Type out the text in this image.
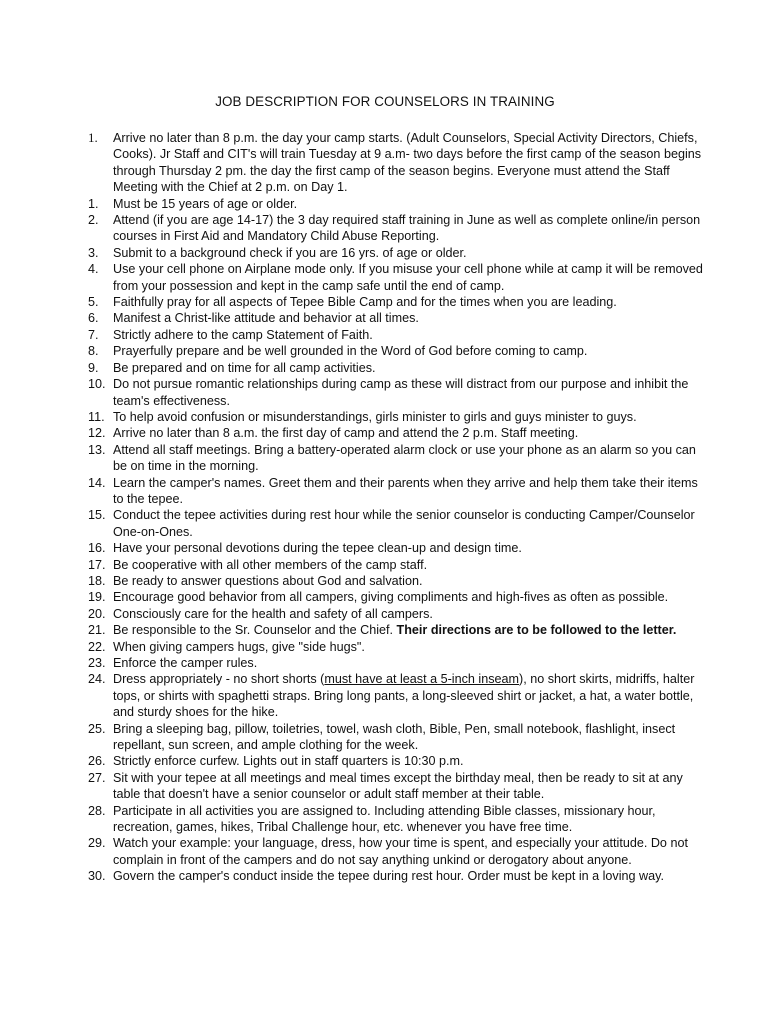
JOB DESCRIPTION FOR COUNSELORS IN TRAINING
1.	Arrive no later than 8 p.m. the day your camp starts. (Adult Counselors, Special Activity Directors, Chiefs, Cooks). Jr Staff and CIT's will train Tuesday at 9 a.m- two days before the first camp of the season begins through Thursday 2 pm. the day the first camp of the season begins. Everyone must attend the Staff Meeting with the Chief at 2 p.m. on Day 1.
1.	Must be 15 years of age or older.
2.	Attend (if you are age 14-17) the 3 day required staff training in June as well as complete online/in person courses in First Aid and Mandatory Child Abuse Reporting.
3.	Submit to a background check if you are 16 yrs. of age or older.
4.	Use your cell phone on Airplane mode only. If you misuse your cell phone while at camp it will be removed from your possession and kept in the camp safe until the end of camp.
5.	Faithfully pray for all aspects of Tepee Bible Camp and for the times when you are leading.
6.	Manifest a Christ-like attitude and behavior at all times.
7.	Strictly adhere to the camp Statement of Faith.
8.	Prayerfully prepare and be well grounded in the Word of God before coming to camp.
9.	Be prepared and on time for all camp activities.
10. Do not pursue romantic relationships during camp as these will distract from our purpose and inhibit the team's effectiveness.
11. To help avoid confusion or misunderstandings, girls minister to girls and guys minister to guys.
12. Arrive no later than 8 a.m. the first day of camp and attend the 2 p.m. Staff meeting.
13. Attend all staff meetings. Bring a battery-operated alarm clock or use your phone as an alarm so you can be on time in the morning.
14. Learn the camper's names. Greet them and their parents when they arrive and help them take their items to the tepee.
15. Conduct the tepee activities during rest hour while the senior counselor is conducting Camper/Counselor One-on-Ones.
16. Have your personal devotions during the tepee clean-up and design time.
17. Be cooperative with all other members of the camp staff.
18. Be ready to answer questions about God and salvation.
19. Encourage good behavior from all campers, giving compliments and high-fives as often as possible.
20. Consciously care for the health and safety of all campers.
21. Be responsible to the Sr. Counselor and the Chief. Their directions are to be followed to the letter.
22. When giving campers hugs, give "side hugs".
23. Enforce the camper rules.
24. Dress appropriately - no short shorts (must have at least a 5-inch inseam), no short skirts, midriffs, halter tops, or shirts with spaghetti straps. Bring long pants, a long-sleeved shirt or jacket, a hat, a water bottle, and sturdy shoes for the hike.
25. Bring a sleeping bag, pillow, toiletries, towel, wash cloth, Bible, Pen, small notebook, flashlight, insect repellant, sun screen, and ample clothing for the week.
26. Strictly enforce curfew. Lights out in staff quarters is 10:30 p.m.
27. Sit with your tepee at all meetings and meal times except the birthday meal, then be ready to sit at any table that doesn't have a senior counselor or adult staff member at their table.
28. Participate in all activities you are assigned to. Including attending Bible classes, missionary hour, recreation, games, hikes, Tribal Challenge hour, etc. whenever you have free time.
29. Watch your example: your language, dress, how your time is spent, and especially your attitude. Do not complain in front of the campers and do not say anything unkind or derogatory about anyone.
30. Govern the camper's conduct inside the tepee during rest hour. Order must be kept in a loving way.
